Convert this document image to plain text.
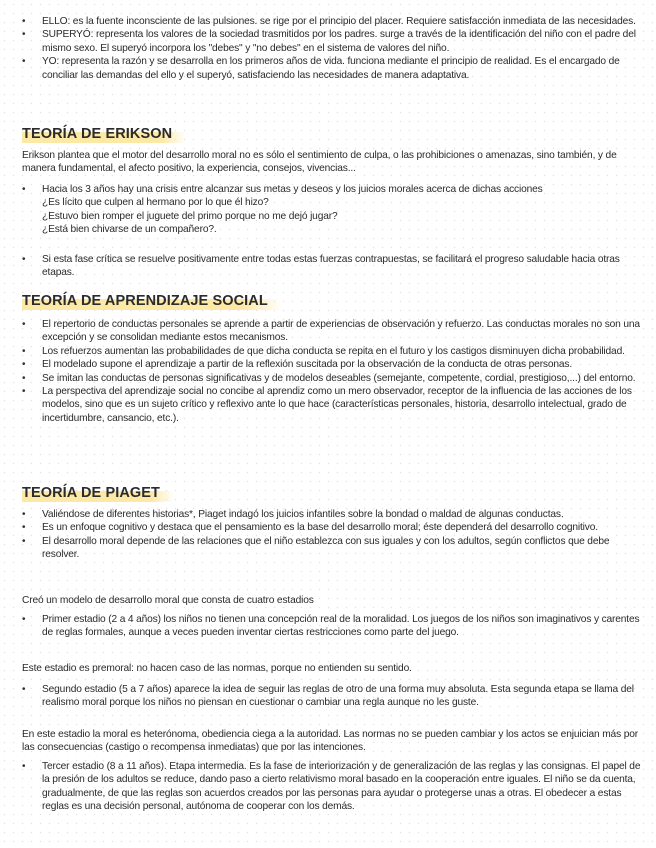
• ELLO: es la fuente inconsciente de las pulsiones. se rige por el principio del placer. Requiere satisfacción inmediata de las necesidades.
• SUPERYÓ: representa los valores de la sociedad trasmitidos por los padres. surge a través de la identificación del niño con el padre del mismo sexo. El superyó incorpora los "debes" y "no debes" en el sistema de valores del niño.
• YO: representa la razón y se desarrolla en los primeros años de vida. funciona mediante el principio de realidad. Es el encargado de conciliar las demandas del ello y el superyó, satisfaciendo las necesidades de manera adaptativa.
TEORÍA DE ERIKSON
Erikson plantea que el motor del desarrollo moral no es sólo el sentimiento de culpa, o las prohibiciones o amenazas, sino también, y de manera fundamental, el afecto positivo, la experiencia, consejos, vivencias...
• Hacia los 3 años hay una crisis entre alcanzar sus metas y deseos y los juicios morales acerca de dichas acciones
¿Es lícito que culpen al hermano por lo que él hizo?
¿Estuvo bien romper el juguete del primo porque no me dejó jugar?
¿Está bien chivarse de un compañero?.
• Si esta fase crítica se resuelve positivamente entre todas estas fuerzas contrapuestas, se facilitará el progreso saludable hacia otras etapas.
TEORÍA DE APRENDIZAJE SOCIAL
• El repertorio de conductas personales se aprende a partir de experiencias de observación y refuerzo. Las conductas morales no son una excepción y se consolidan mediante estos mecanismos.
• Los refuerzos aumentan las probabilidades de que dicha conducta se repita en el futuro y los castigos disminuyen dicha probabilidad.
• El modelado supone el aprendizaje a partir de la reflexión suscitada por la observación de la conducta de otras personas.
• Se imitan las conductas de personas significativas y de modelos deseables (semejante, competente, cordial, prestigioso,...) del entorno.
• La perspectiva del aprendizaje social no concibe al aprendiz como un mero observador, receptor de la influencia de las acciones de los modelos, sino que es un sujeto crítico y reflexivo ante lo que hace (características personales, historia, desarrollo intelectual, grado de incertidumbre, cansancio, etc.).
TEORÍA DE PIAGET
• Valiéndose de diferentes historias*, Piaget indagó los juicios infantiles sobre la bondad o maldad de algunas conductas.
• Es un enfoque cognitivo y destaca que el pensamiento es la base del desarrollo moral; éste dependerá del desarrollo cognitivo.
• El desarrollo moral depende de las relaciones que el niño establezca con sus iguales y con los adultos, según conflictos que debe resolver.
Creó un modelo de desarrollo moral que consta de cuatro estadios
• Primer estadio (2 a 4 años) los niños no tienen una concepción real de la moralidad. Los juegos de los niños son imaginativos y carentes de reglas formales, aunque a veces pueden inventar ciertas restricciones como parte del juego.
Este estadio es premoral: no hacen caso de las normas, porque no entienden su sentido.
• Segundo estadio (5 a 7 años) aparece la idea de seguir las reglas de otro de una forma muy absoluta. Esta segunda etapa se llama del realismo moral porque los niños no piensan en cuestionar o cambiar una regla aunque no les guste.
En este estadio la moral es heterónoma, obediencia ciega a la autoridad. Las normas no se pueden cambiar y los actos se enjuician más por las consecuencias (castigo o recompensa inmediatas) que por las intenciones.
• Tercer estadio (8 a 11 años). Etapa intermedia. Es la fase de interiorización y de generalización de las reglas y las consignas. El papel de la presión de los adultos se reduce, dando paso a cierto relativismo moral basado en la cooperación entre iguales. El niño se da cuenta, gradualmente, de que las reglas son acuerdos creados por las personas para ayudar o protegerse unas a otras. El obedecer a estas reglas es una decisión personal, autónoma de cooperar con los demás.
